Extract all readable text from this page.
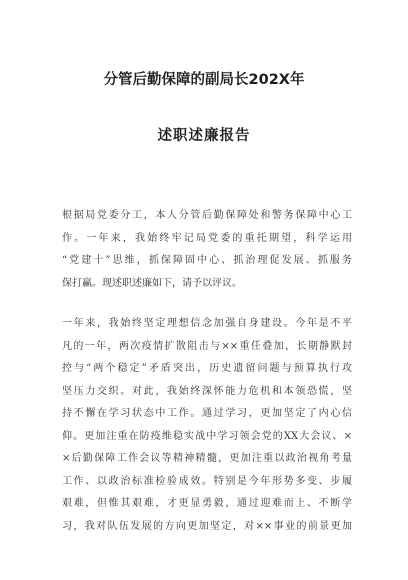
分管后勤保障的副局长202X年
述职述廉报告
根据局党委分工，本人分管后勤保障处和警务保障中心工
作。一年来，我始终牢记局党委的重托期望，科学运用
“党建十”思维，抓保障固中心、抓治理促发展、抓服务
保打赢。现述职述廉如下，请予以评议。
一年来，我始终坚定理想信念加强自身建设。今年是不平
凡的一年，两次疫情扩散阻击与××重任叠加，长期静默封
控与“两个稳定”矛盾突出，历史遗留问题与预算执行攻
坚压力交织。对此，我始终深怀能力危机和本领恐慌，坚
持不懈在学习状态中工作。通过学习，更加坚定了内心信
仰。更加注重在防疫维稳实战中学习领会党的XX大会议、×
×后勤保障工作会议等精神精髓，更加注重以政治视角考量
工作、以政治标准检验成效。特别是今年形势多变、步履
艰难，但惟其艰难，才更显勇毅，通过迎难而上、不断学
习，我对队伍发展的方向更加坚定，对××事业的前景更加
